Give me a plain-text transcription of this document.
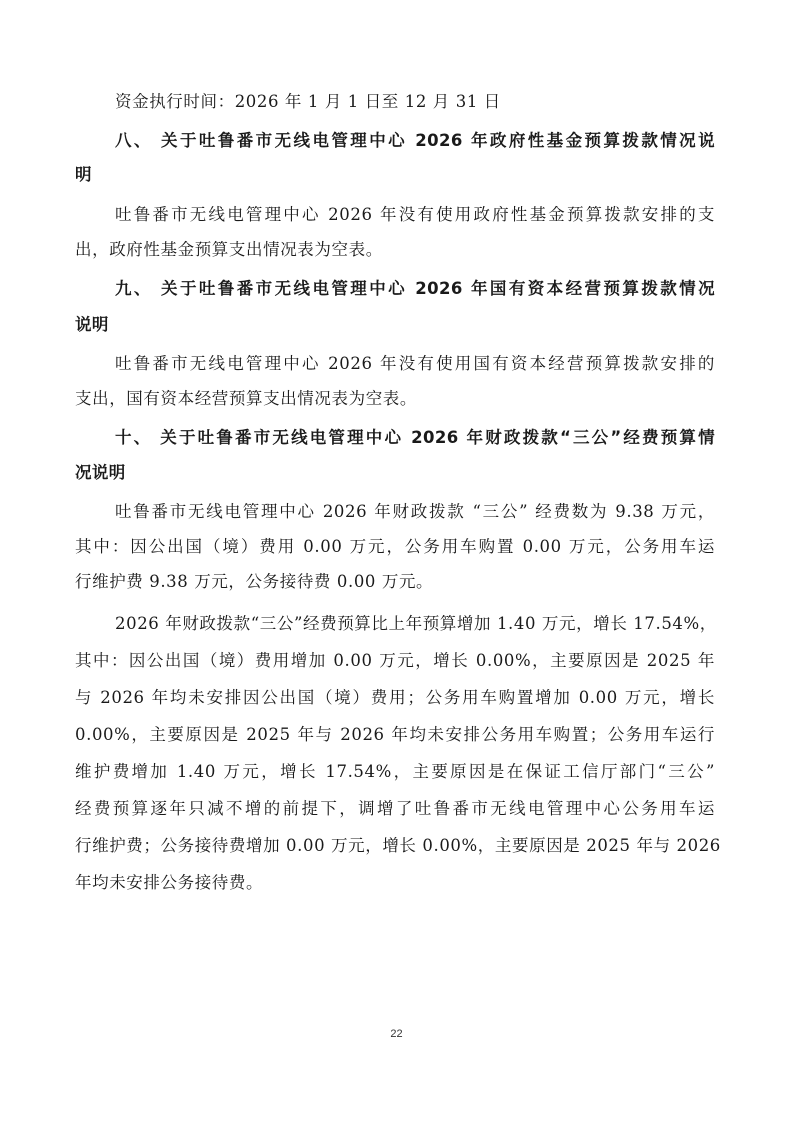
资金执行时间：2026 年 1 月 1 日至 12 月 31 日
八、 关于吐鲁番市无线电管理中心 2026 年政府性基金预算拨款情况说
明
吐鲁番市无线电管理中心 2026 年没有使用政府性基金预算拨款安排的支
出，政府性基金预算支出情况表为空表。
九、 关于吐鲁番市无线电管理中心 2026 年国有资本经营预算拨款情况
说明
吐鲁番市无线电管理中心 2026 年没有使用国有资本经营预算拨款安排的
支出，国有资本经营预算支出情况表为空表。
十、 关于吐鲁番市无线电管理中心 2026 年财政拨款“三公”经费预算情
况说明
吐鲁番市无线电管理中心 2026 年财政拨款 “三公” 经费数为 9.38 万元，
其中：因公出国（境）费用 0.00 万元，公务用车购置 0.00 万元，公务用车运
行维护费 9.38 万元，公务接待费 0.00 万元。
2026 年财政拨款“三公”经费预算比上年预算增加 1.40 万元，增长 17.54%，
其中：因公出国（境）费用增加 0.00 万元，增长 0.00%，主要原因是 2025 年
与 2026 年均未安排因公出国（境）费用；公务用车购置增加 0.00 万元，增长
0.00%，主要原因是 2025 年与 2026 年均未安排公务用车购置；公务用车运行
维护费增加 1.40 万元，增长 17.54%，主要原因是在保证工信厅部门“三公”
经费预算逐年只减不增的前提下，调增了吐鲁番市无线电管理中心公务用车运
行维护费；公务接待费增加 0.00 万元，增长 0.00%，主要原因是 2025 年与 2026
年均未安排公务接待费。
22
